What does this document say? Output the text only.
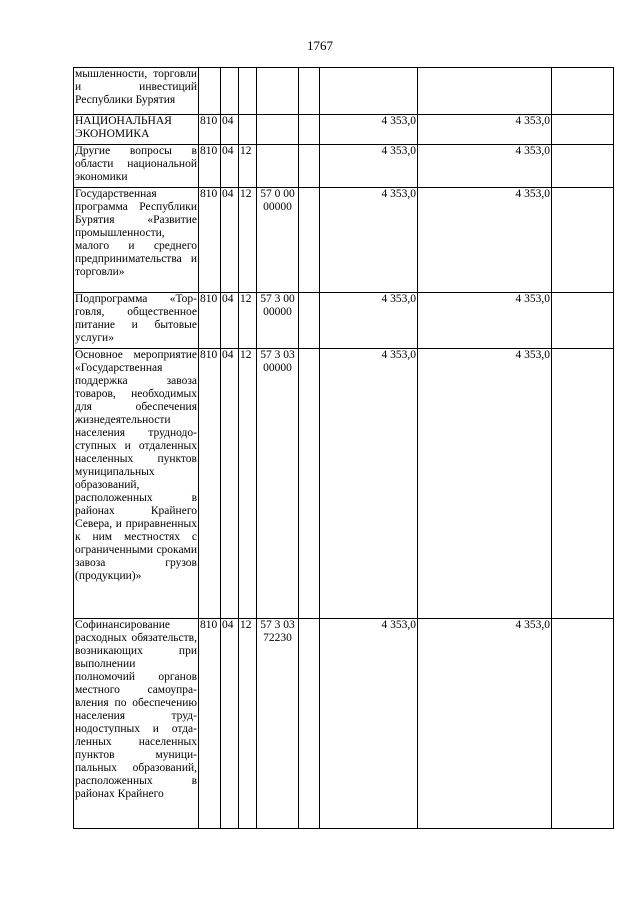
1767
мышленности, торговли и инвестиций Республики Бурятия								

НАЦИОНАЛЬНАЯ ЭКОНОМИКА	810	04				4 353,0	4 353,0	

Другие вопросы в области национальной экономики	810	04	12			4 353,0	4 353,0	

Государственная программа Республики Бурятия «Развитие промышленности, малого и среднего предпринимательства и торговли»	810	04	12	57 0 00
00000		4 353,0	4 353,0	

Подпрограмма «Торговля, общественное питание и бытовые услуги»	810	04	12	57 3 00
00000		4 353,0	4 353,0	

Основное мероприятие «Государственная поддержка завоза товаров, необходимых для обеспечения жизнедеятельности населения труднодоступных и отдаленных населенных пунктов муниципальных образований, расположенных в районах Крайнего Севера, и приравненных к ним местностях с ограниченными сроками завоза грузов (продукции)»	810	04	12	57 3 03
00000		4 353,0	4 353,0	

Софинансирование расходных обязательств, возникающих при выполнении полномочий органов местного самоуправления по обеспечению населения труднодоступных и отдаленных населенных пунктов муниципальных образований, расположенных в районах Крайнего	810	04	12	57 3 03
72230		4 353,0	4 353,0	
